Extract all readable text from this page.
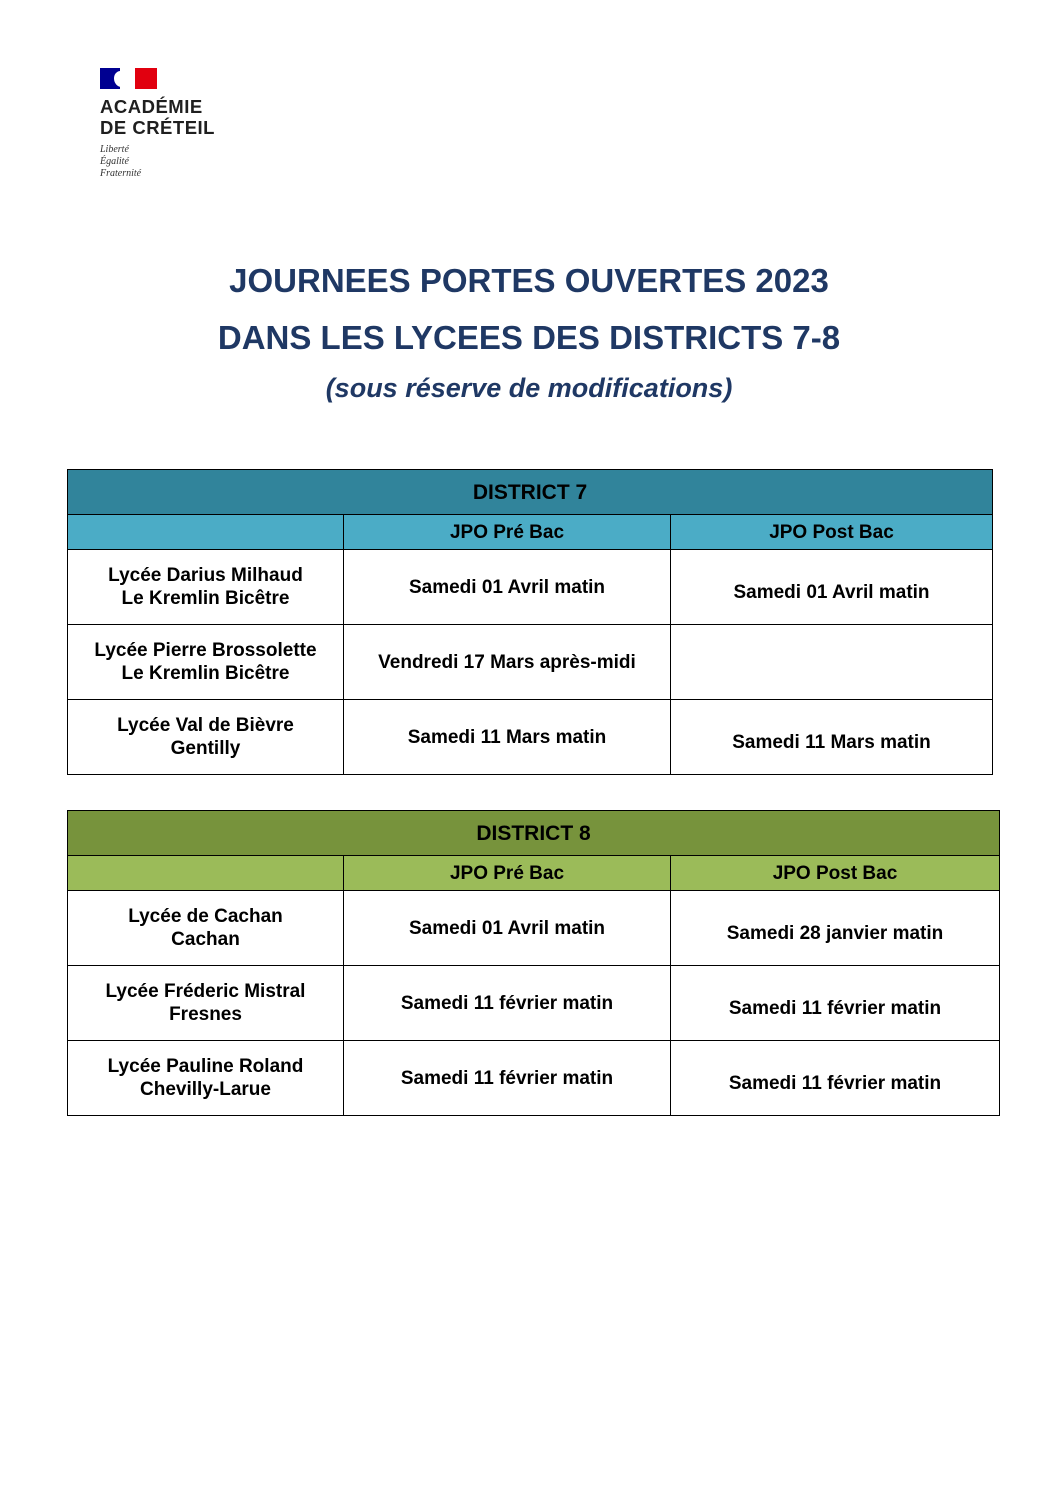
ACADÉMIE
DE CRÉTEIL
Liberté
Égalité
Fraternité
JOURNEES PORTES OUVERTES 2023
DANS LES LYCEES DES DISTRICTS 7-8
(sous réserve de modifications)
DISTRICT 7		
	JPO Pré Bac	JPO Post Bac

Lycée Darius Milhaud
Le Kremlin Bicêtre	Samedi 01 Avril matin	Samedi 01 Avril matin

Lycée Pierre Brossolette
Le Kremlin Bicêtre	Vendredi 17 Mars après-midi	

Lycée Val de Bièvre
Gentilly	Samedi 11 Mars matin	Samedi 11 Mars matin
DISTRICT 8		
	JPO Pré Bac	JPO Post Bac

Lycée de Cachan
Cachan	Samedi 01 Avril matin	Samedi 28 janvier matin

Lycée Fréderic Mistral
Fresnes	Samedi 11 février matin	Samedi 11 février matin

Lycée Pauline Roland
Chevilly-Larue	Samedi 11 février matin	Samedi 11 février matin
